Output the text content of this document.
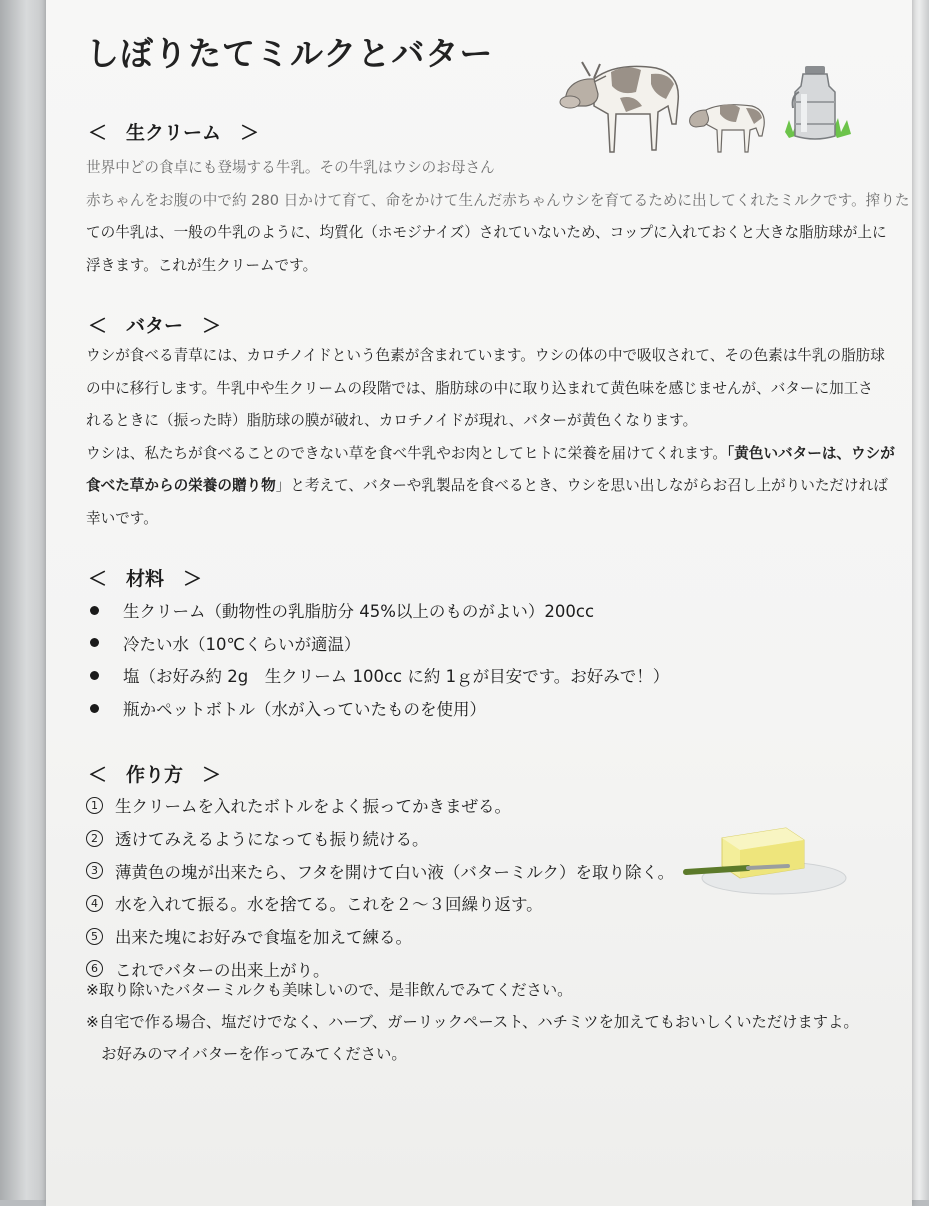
しぼりたてミルクとバター
＜　生クリーム　＞
世界中どの食卓にも登場する牛乳。その牛乳はウシのお母さん
赤ちゃんをお腹の中で約 280 日かけて育て、命をかけて生んだ赤ちゃんウシを育てるために出してくれたミルクです。搾りた
ての牛乳は、一般の牛乳のように、均質化（ホモジナイズ）されていないため、コップに入れておくと大きな脂肪球が上に
浮きます。これが生クリームです。
＜　バター　＞
ウシが食べる青草には、カロチノイドという色素が含まれています。ウシの体の中で吸収されて、その色素は牛乳の脂肪球
の中に移行します。牛乳中や生クリームの段階では、脂肪球の中に取り込まれて黄色味を感じませんが、バターに加工さ
れるときに（振った時）脂肪球の膜が破れ、カロチノイドが現れ、バターが黄色くなります。
ウシは、私たちが食べることのできない草を食べ牛乳やお肉としてヒトに栄養を届けてくれます。「黄色いバターは、ウシが
食べた草からの栄養の贈り物」と考えて、バターや乳製品を食べるとき、ウシを思い出しながらお召し上がりいただければ
幸いです。
＜　材料　＞
生クリーム（動物性の乳脂肪分 45%以上のものがよい）200cc
冷たい水（10℃くらいが適温）
塩（お好み約 2g　生クリーム 100cc に約 1ｇが目安です。お好みで！）
瓶かペットボトル（水が入っていたものを使用）
＜　作り方　＞
1	生クリームを入れたボトルをよく振ってかきまぜる。
2	透けてみえるようになっても振り続ける。
3	薄黄色の塊が出来たら、フタを開けて白い液（バターミルク）を取り除く。
4	水を入れて振る。水を捨てる。これを２～３回繰り返す。
5	出来た塊にお好みで食塩を加えて練る。
6	これでバターの出来上がり。
※取り除いたバターミルクも美味しいので、是非飲んでみてください。
※自宅で作る場合、塩だけでなく、ハーブ、ガーリックペースト、ハチミツを加えてもおいしくいただけますよ。
　お好みのマイバターを作ってみてください。
